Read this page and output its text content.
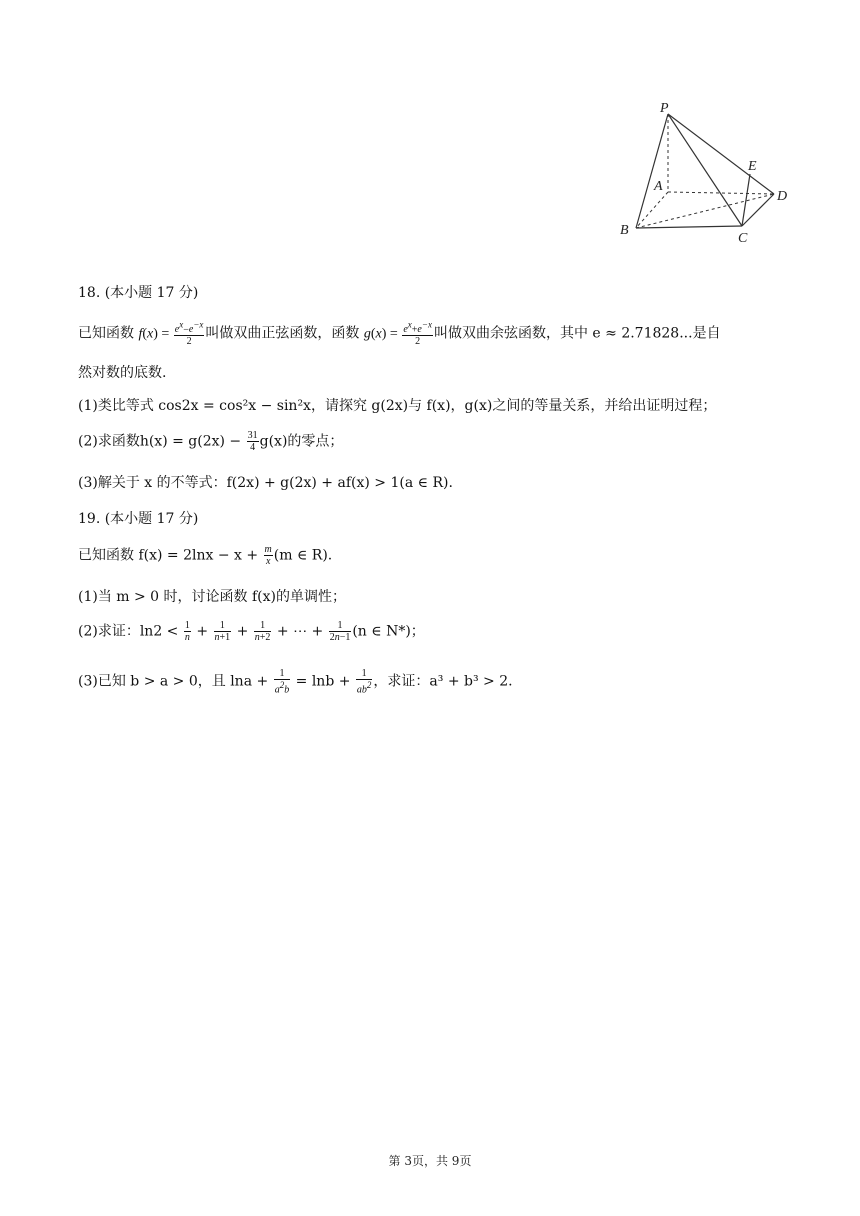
P
A
B
C
D
E
18. (本小题 17 分)
已知函数 $f(x) = \frac{e^x-e^{-x}}{2}$ 叫做双曲正弦函数，函数 $g(x) = \frac{e^x+e^{-x}}{2}$ 叫做双曲余弦函数，其中 e ≈ 2.71828...是自
然对数的底数.
(1)类比等式 cos2x = cos²x − sin²x，请探究 g(2x)与 f(x)，g(x)之间的等量关系，并给出证明过程；
(2)求函数$h(x) = g(2x) - \frac{31}{4} g(x)$的零点；
(3)解关于 x 的不等式：f(2x) + g(2x) + af(x) > 1(a ∈ R).
19. (本小题 17 分)
已知函数 $f(x) = 2\ln x - x + \frac{m}{x} (m$ ∈ R).
(1)当 m > 0 时，讨论函数 f(x)的单调性；
(2)求证：$\ln 2 < \frac{1}{n} + \frac{1}{n+1} + \frac{1}{n+2}$ + ⋯ + $\frac{1}{2n-1} (n$ ∈ N*)；
(3)已知 b > a > 0，且 $\ln a + \frac{1}{a^2b} = \ln b + \frac{1}{ab^2}$ ，求证：a³ + b³ > 2.
第 3页，共 9页
